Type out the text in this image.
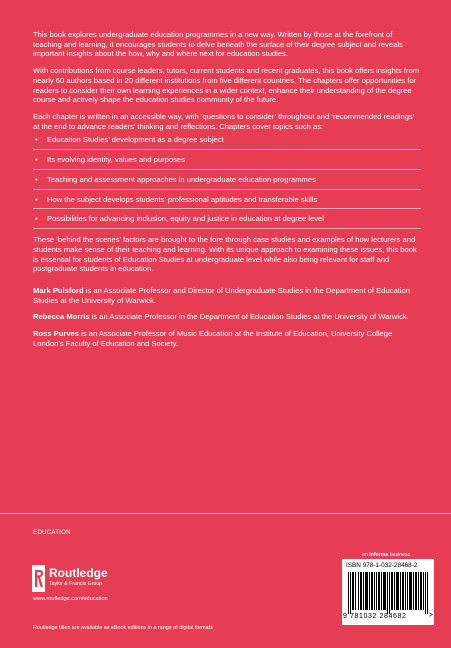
This book explores undergraduate education programmes in a new way. Written by those at the forefront of teaching and learning, it encourages students to delve beneath the surface of their degree subject and reveals important insights about the how, why and where next for education studies.

With contributions from course leaders, tutors, current students and recent graduates, this book offers insights from nearly 60 authors based in 20 different institutions from five different countries. The chapters offer opportunities for readers to consider their own learning experiences in a wider context, enhance their understanding of the degree course and actively shape the education studies community of the future.

Each chapter is written in an accessible way, with ‘questions to consider’ throughout and ‘recommended readings’ at the end to advance readers’ thinking and reflections. Chapters cover topics such as:

• Education Studies’ development as a degree subject
• Its evolving identity, values and purposes
• Teaching and assessment approaches in undergraduate education programmes
• How the subject develops students’ professional aptitudes and transferable skills
• Possibilities for advancing inclusion, equity and justice in education at degree level

These ‘behind the scenes’ factors are brought to the fore through case studies and examples of how lecturers and students make sense of their teaching and learning. With its unique approach to examining these issues, this book is essential for students of Education Studies at undergraduate level while also being relevant for staff and postgraduate students in education.

Mark Pulsford is an Associate Professor and Director of Undergraduate Studies in the Department of Education Studies at the University of Warwick.

Rebecca Morris is an Associate Professor in the Department of Education Studies at the University of Warwick.

Ross Purves is an Associate Professor of Music Education at the Institute of Education, University College London’s Faculty of Education and Society.

EDUCATION
Routledge
Taylor & Francis Group
www.routledge.com/education
Routledge titles are available as eBook editions in a range of digital formats
an informa business
ISBN 978-1-032-28468-2
9 781032 284682	>
